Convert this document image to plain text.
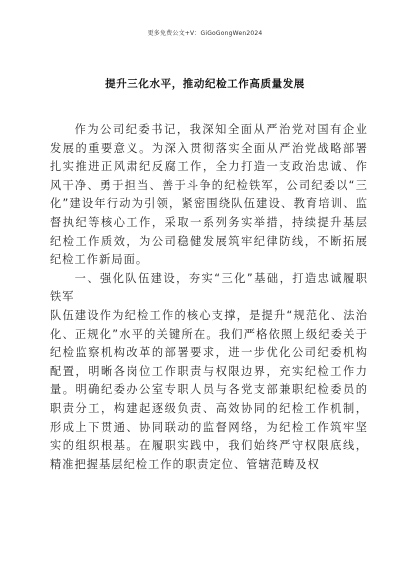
更多免费公文+V：GiGoGongWen2024
提升三化水平，推动纪检工作高质量发展

作为公司纪委书记，我深知全面从严治党对国有企业发展的重要意义。为深入贯彻落实全面从严治党战略部署扎实推进正风肃纪反腐工作，全力打造一支政治忠诚、作风干净、勇于担当、善于斗争的纪检铁军，公司纪委以“三化”建设年行动为引领，紧密围绕队伍建设、教育培训、监督执纪等核心工作，采取一系列务实举措，持续提升基层纪检工作质效，为公司稳健发展筑牢纪律防线，不断拓展纪检工作新局面。

一、强化队伍建设，夯实“三化”基础，打造忠诚履职铁军

队伍建设作为纪检工作的核心支撑，是提升“规范化、法治化、正规化”水平的关键所在。我们严格依照上级纪委关于纪检监察机构改革的部署要求，进一步优化公司纪委机构配置，明晰各岗位工作职责与权限边界，充实纪检工作力量。明确纪委办公室专职人员与各党支部兼职纪检委员的职责分工，构建起逐级负责、高效协同的纪检工作机制，形成上下贯通、协同联动的监督网络，为纪检工作筑牢坚实的组织根基。在履职实践中，我们始终严守权限底线，精准把握基层纪检工作的职责定位、管辖范畴及权
